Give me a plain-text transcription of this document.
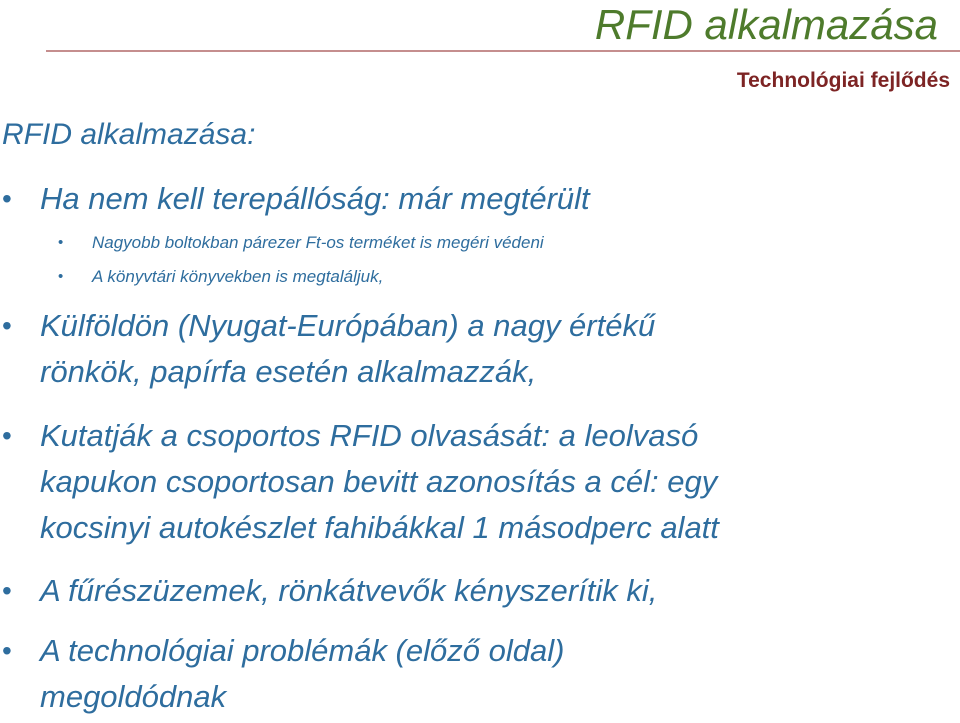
RFID alkalmazása
Technológiai fejlődés
RFID alkalmazása:
• Ha nem kell terepállóság: már megtérült
• Nagyobb boltokban párezer Ft-os terméket is megéri védeni
• A könyvtári könyvekben is megtaláljuk,
• Külföldön (Nyugat-Európában) a nagy értékű
rönkök, papírfa esetén alkalmazzák,
• Kutatják a csoportos RFID olvasását: a leolvasó
kapukon csoportosan bevitt azonosítás a cél: egy
kocsinyi autokészlet fahibákkal 1 másodperc alatt
• A fűrészüzemek, rönkátvevők kényszerítik ki,
• A technológiai problémák (előző oldal)
megoldódnak
